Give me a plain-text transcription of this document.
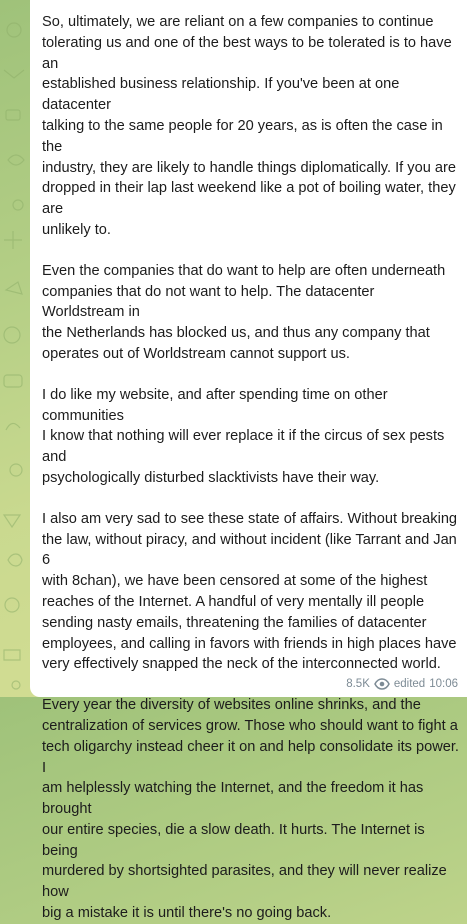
So, ultimately, we are reliant on a few companies to continue
tolerating us and one of the best ways to be tolerated is to have an
established business relationship. If you've been at one datacenter
talking to the same people for 20 years, as is often the case in the
industry, they are likely to handle things diplomatically. If you are
dropped in their lap last weekend like a pot of boiling water, they are
unlikely to.

Even the companies that do want to help are often underneath
companies that do not want to help. The datacenter Worldstream in
the Netherlands has blocked us, and thus any company that
operates out of Worldstream cannot support us.

I do like my website, and after spending time on other communities
I know that nothing will ever replace it if the circus of sex pests and
psychologically disturbed slacktivists have their way.

I also am very sad to see these state of affairs. Without breaking
the law, without piracy, and without incident (like Tarrant and Jan 6
with 8chan), we have been censored at some of the highest
reaches of the Internet. A handful of very mentally ill people
sending nasty emails, threatening the families of datacenter
employees, and calling in favors with friends in high places have
very effectively snapped the neck of the interconnected world.

Every year the diversity of websites online shrinks, and the
centralization of services grow. Those who should want to fight a
tech oligarchy instead cheer it on and help consolidate its power. I
am helplessly watching the Internet, and the freedom it has brought
our entire species, die a slow death. It hurts. The Internet is being
murdered by shortsighted parasites, and they will never realize how
big a mistake it is until there's no going back.

8.5K edited 10:06
